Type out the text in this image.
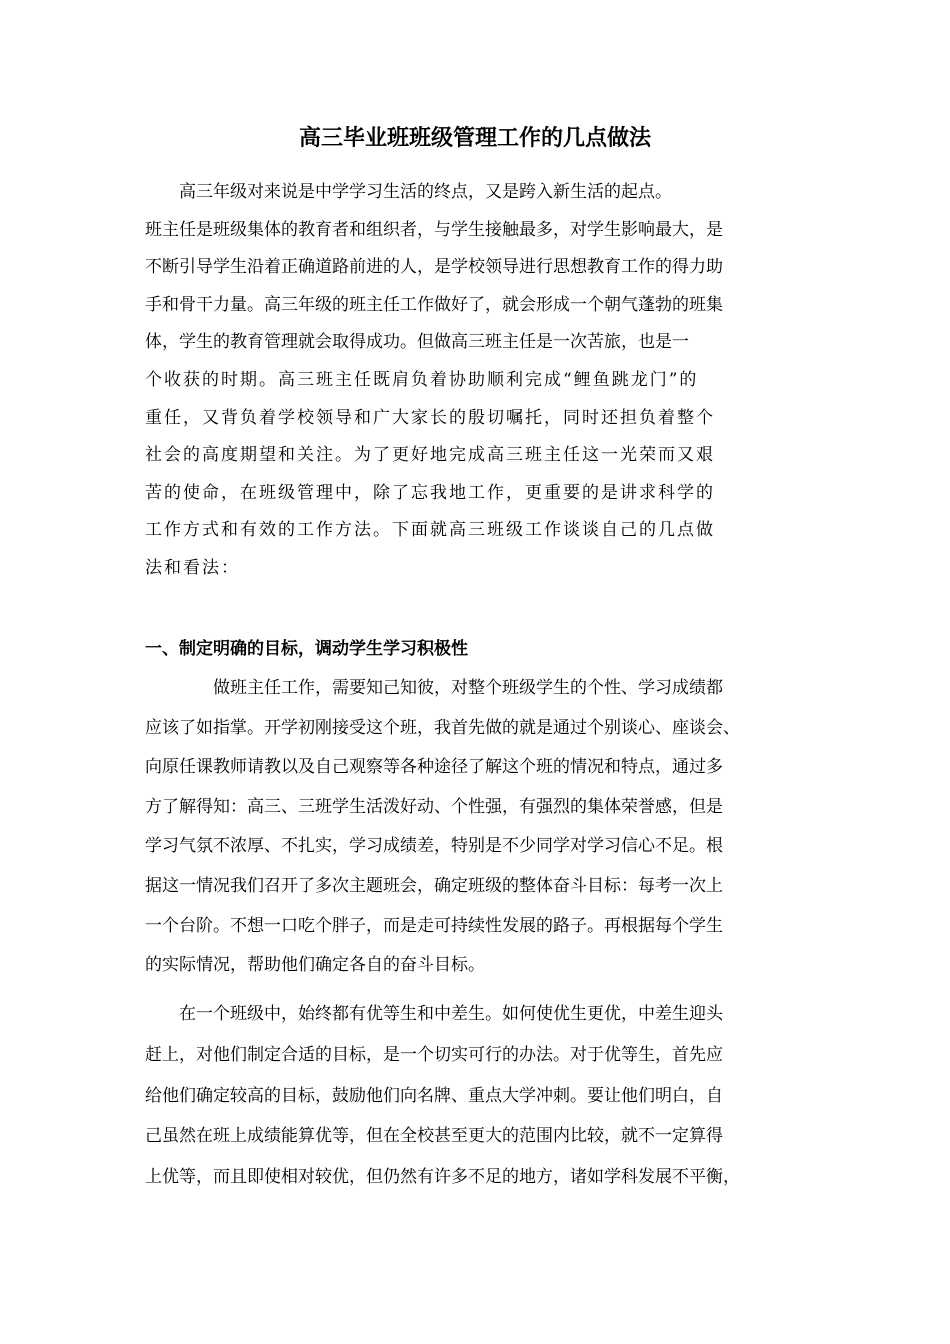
高三毕业班班级管理工作的几点做法
　　高三年级对来说是中学学习生活的终点，又是跨入新生活的起点。
班主任是班级集体的教育者和组织者，与学生接触最多，对学生影响最大，是
不断引导学生沿着正确道路前进的人，是学校领导进行思想教育工作的得力助
手和骨干力量。高三年级的班主任工作做好了，就会形成一个朝气蓬勃的班集
体，学生的教育管理就会取得成功。但做高三班主任是一次苦旅，也是一
个收获的时期。高三班主任既肩负着协助顺利完成“鲤鱼跳龙门”的
重任，又背负着学校领导和广大家长的殷切嘱托，同时还担负着整个
社会的高度期望和关注。为了更好地完成高三班主任这一光荣而又艰
苦的使命，在班级管理中，除了忘我地工作，更重要的是讲求科学的
工作方式和有效的工作方法。下面就高三班级工作谈谈自己的几点做
法和看法：
一、制定明确的目标，调动学生学习积极性
　　　　做班主任工作，需要知己知彼，对整个班级学生的个性、学习成绩都
应该了如指掌。开学初刚接受这个班，我首先做的就是通过个别谈心、座谈会、
向原任课教师请教以及自己观察等各种途径了解这个班的情况和特点，通过多
方了解得知：高三、三班学生活泼好动、个性强，有强烈的集体荣誉感，但是
学习气氛不浓厚、不扎实，学习成绩差，特别是不少同学对学习信心不足。根
据这一情况我们召开了多次主题班会，确定班级的整体奋斗目标：每考一次上
一个台阶。不想一口吃个胖子，而是走可持续性发展的路子。再根据每个学生
的实际情况，帮助他们确定各自的奋斗目标。
　　在一个班级中，始终都有优等生和中差生。如何使优生更优，中差生迎头
赶上，对他们制定合适的目标，是一个切实可行的办法。对于优等生，首先应
给他们确定较高的目标，鼓励他们向名牌、重点大学冲刺。要让他们明白，自
己虽然在班上成绩能算优等，但在全校甚至更大的范围内比较，就不一定算得
上优等，而且即使相对较优，但仍然有许多不足的地方，诸如学科发展不平衡，
